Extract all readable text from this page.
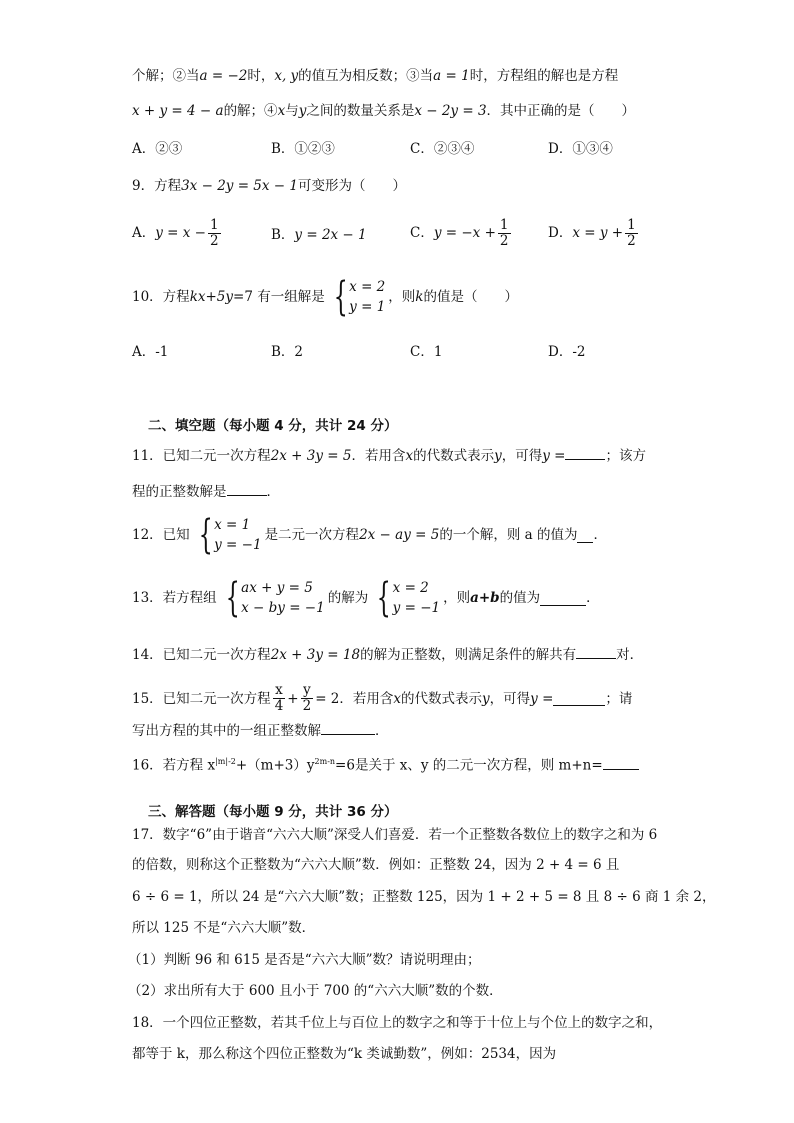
个解；②当a = −2时，x, y的值互为相反数；③当a = 1时，方程组的解也是方程
x + y = 4 − a的解；④x与y之间的数量关系是x − 2y = 3．其中正确的是（　　）
A．②③	B．①②③	C．②③④	D．①③④
9．方程3x − 2y = 5x − 1可变形为（　　）
A．$y = x - \frac{1}{2}$	B．y = 2x − 1	C．$y = -x + \frac{1}{2}$	D．$x = y + \frac{1}{2}$
10．方程 kx+5y =7 有一组解是 { x = 2
y = 1
，则 k 的值是（　　）
A．-1	B．2	C．1	D．-2
二、填空题（每小题 4 分，共计 24 分）
11．已知二元一次方程2x + 3y = 5．若用含x的代数式表示y，可得y =	；该方
程的正整数解是	．
12．已知 { x = 1
y = −1
是二元一次方程 2x − ay = 5 的一个解，则 a 的值为 ．
13．若方程组 { ax + y = 5
x − by = −1
的解为 { x = 2
y = −1
，则 a+b 的值为	．
14．已知二元一次方程2x + 3y = 18的解为正整数，则满足条件的解共有	对．
15．已知二元一次方程 $\frac{x}{4} + \frac{y}{2} = 2$ ．若用含 x 的代数式表示 y ，可得 y =	；请
写出方程的其中的一组正整数解	．
16．若方程 $x^{|m|-2}+(m+3)y^{2m-n}=6$是关于 x、y 的二元一次方程，则 m+n=
三、解答题（每小题 9 分，共计 36 分）
17．数字“6”由于谐音“六六大顺”深受人们喜爱．若一个正整数各数位上的数字之和为 6
的倍数，则称这个正整数为“六六大顺”数．例如：正整数 24，因为 2 + 4 = 6 且
6 ÷ 6 = 1，所以 24 是“六六大顺”数；正整数 125，因为 1 + 2 + 5 = 8 且 8 ÷ 6 商 1 余 2，
所以 125 不是“六六大顺”数．
（1）判断 96 和 615 是否是“六六大顺”数？请说明理由；
（2）求出所有大于 600 且小于 700 的“六六大顺”数的个数．
18．一个四位正整数，若其千位上与百位上的数字之和等于十位上与个位上的数字之和，
都等于 k，那么称这个四位正整数为“k 类诚勤数”，例如：2534，因为
